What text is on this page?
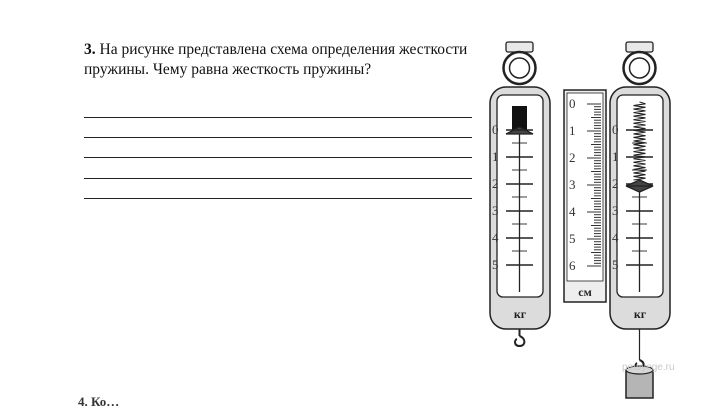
3. На рисунке представлена схема определения жесткости пружины. Чему равна жесткость пружины?
0
1
2
3
4
5
0
1
2
3
4
5
6
0
1
2
3
4
5
кг
см
кг
решуege.ru
4. Ко…
